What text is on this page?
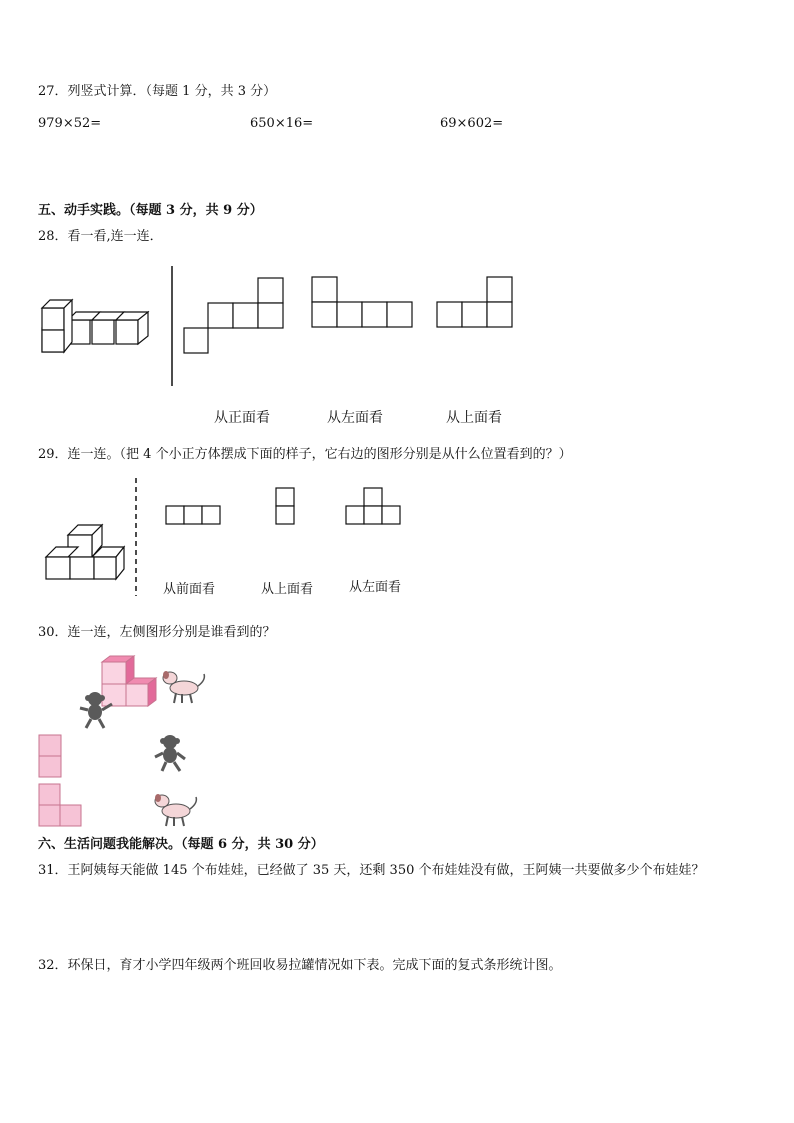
27．列竖式计算．（每题 1 分，共 3 分）
979×52=	650×16=	69×602=
五、动手实践。（每题 3 分，共 9 分）
28．看一看,连一连．
从正面看	从左面看	从上面看
29．连一连。（把 4 个小正方体摆成下面的样子，它右边的图形分别是从什么位置看到的？）
从前面看	从上面看	从左面看
30．连一连，左侧图形分别是谁看到的？
六、生活问题我能解决。（每题 6 分，共 30 分）
31．王阿姨每天能做 145 个布娃娃，已经做了 35 天，还剩 350 个布娃娃没有做，王阿姨一共要做多少个布娃娃？
32．环保日，育才小学四年级两个班回收易拉罐情况如下表。完成下面的复式条形统计图。
